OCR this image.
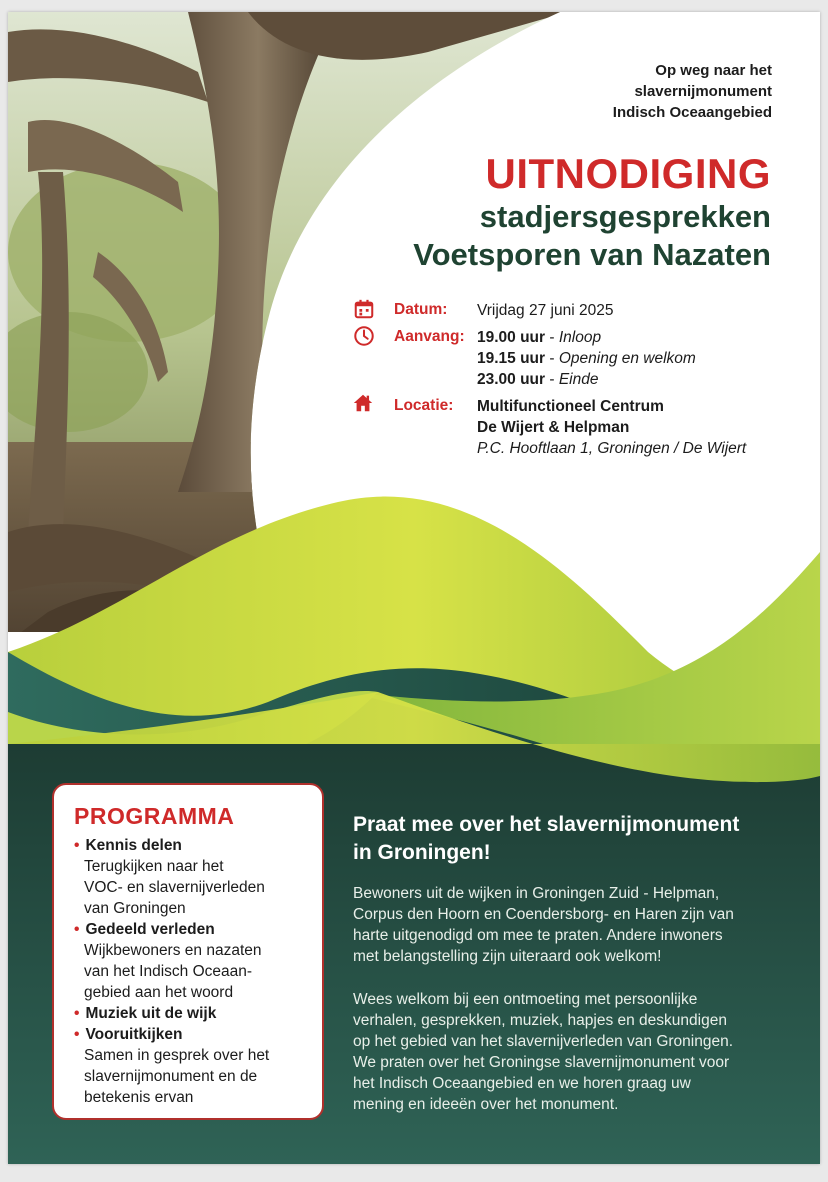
Op weg naar het
slavernijmonument
Indisch Oceaangebied
UITNODIGING
stadjersgesprekken
Voetsporen van Nazaten
Datum: Vrijdag 27 juni 2025
Aanvang: 19.00 uur - Inloop
19.15 uur - Opening en welkom
23.00 uur - Einde
Locatie: Multifunctioneel Centrum
De Wijert & Helpman
P.C. Hooftlaan 1, Groningen / De Wijert
PROGRAMMA
• Kennis delen
Terugkijken naar het
VOC- en slavernijverleden
van Groningen
• Gedeeld verleden
Wijkbewoners en nazaten
van het Indisch Oceaan-
gebied aan het woord
• Muziek uit de wijk
• Vooruitkijken
Samen in gesprek over het
slavernijmonument en de
betekenis ervan
Praat mee over het slavernijmonument
in Groningen!
Bewoners uit de wijken in Groningen Zuid - Helpman,
Corpus den Hoorn en Coendersborg- en Haren zijn van
harte uitgenodigd om mee te praten. Andere inwoners
met belangstelling zijn uiteraard ook welkom!
Wees welkom bij een ontmoeting met persoonlijke
verhalen, gesprekken, muziek, hapjes en deskundigen
op het gebied van het slavernijverleden van Groningen.
We praten over het Groningse slavernijmonument voor
het Indisch Oceaangebied en we horen graag uw
mening en ideeën over het monument.
